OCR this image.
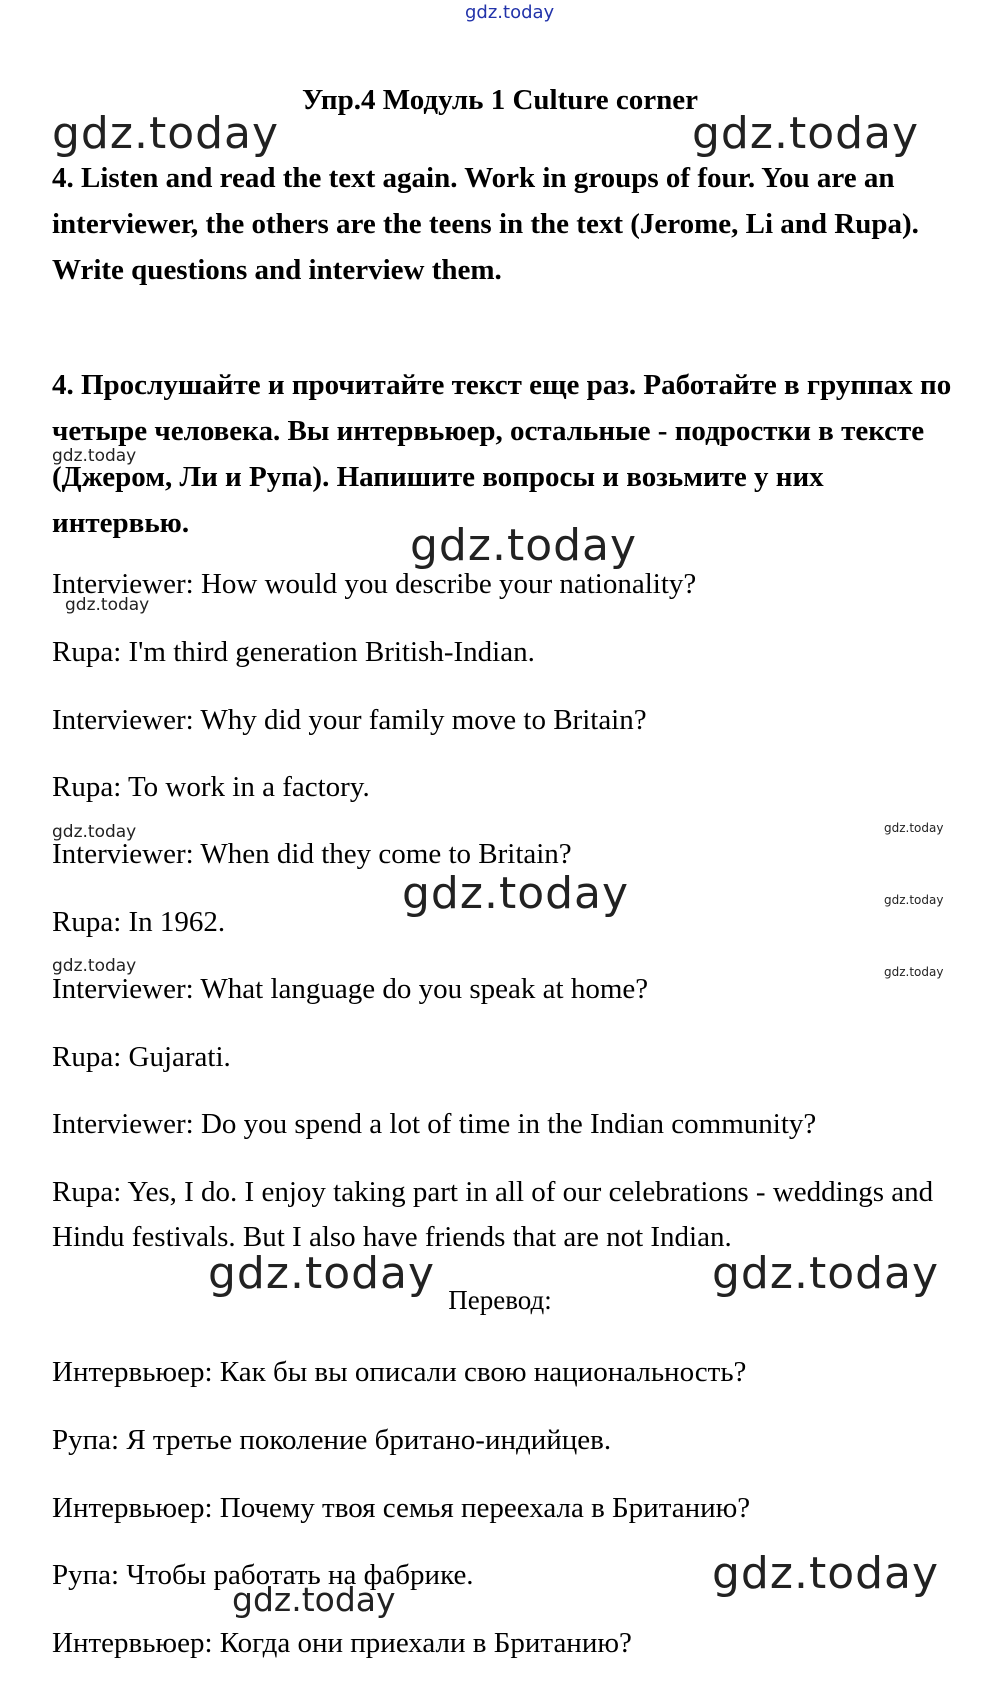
gdz.today
Упр.4 Модуль 1 Culture corner
4. Listen and read the text again. Work in groups of four. You are an interviewer, the others are the teens in the text (Jerome, Li and Rupa). Write questions and interview them.
4. Прослушайте и прочитайте текст еще раз. Работайте в группах по четыре человека. Вы интервьюер, остальные - подростки в тексте (Джером, Ли и Рупа). Напишите вопросы и возьмите у них интервью.
Interviewer: How would you describe your nationality?
Rupa: I'm third generation British-Indian.
Interviewer: Why did your family move to Britain?
Rupa: To work in a factory.
Interviewer: When did they come to Britain?
Rupa: In 1962.
Interviewer: What language do you speak at home?
Rupa: Gujarati.
Interviewer: Do you spend a lot of time in the Indian community?
Rupa: Yes, I do. I enjoy taking part in all of our celebrations - weddings and Hindu festivals. But I also have friends that are not Indian.
Перевод:
Интервьюер: Как бы вы описали свою национальность?
Рупа: Я третье поколение британо-индийцев.
Интервьюер: Почему твоя семья переехала в Британию?
Рупа: Чтобы работать на фабрике.
Интервьюер: Когда они приехали в Британию?
gdz.today	gdz.today
gdz.today
gdz.today
gdz.today
gdz.today	gdz.today
gdz.today	gdz.today
gdz.today	gdz.today
gdz.today	gdz.today
gdz.today
gdz.today
